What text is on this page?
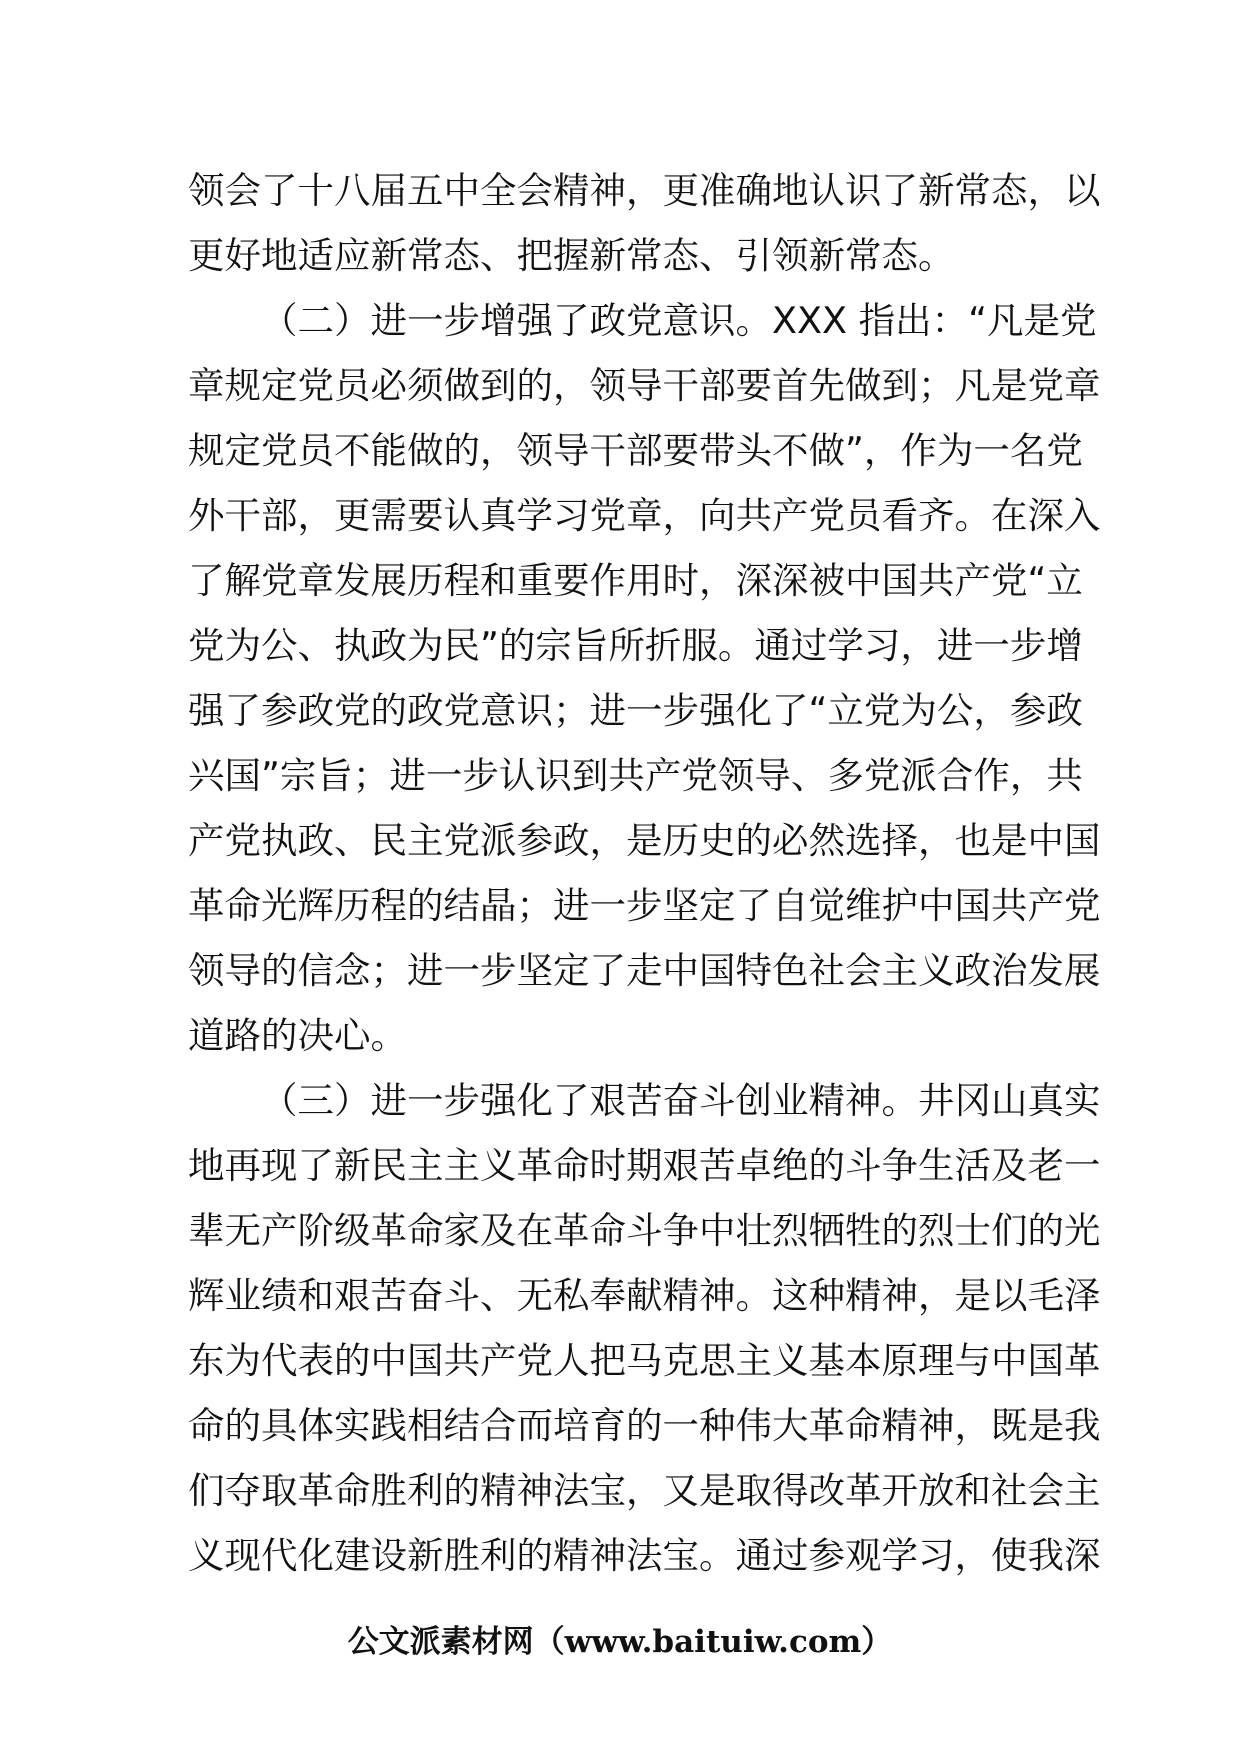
领会了十八届五中全会精神，更准确地认识了新常态，以
更好地适应新常态、把握新常态、引领新常态。
（二）进一步增强了政党意识。XXX 指出：“凡是党
章规定党员必须做到的，领导干部要首先做到；凡是党章
规定党员不能做的，领导干部要带头不做”，作为一名党
外干部，更需要认真学习党章，向共产党员看齐。在深入
了解党章发展历程和重要作用时，深深被中国共产党“立
党为公、执政为民”的宗旨所折服。通过学习，进一步增
强了参政党的政党意识；进一步强化了“立党为公，参政
兴国”宗旨；进一步认识到共产党领导、多党派合作，共
产党执政、民主党派参政，是历史的必然选择，也是中国
革命光辉历程的结晶；进一步坚定了自觉维护中国共产党
领导的信念；进一步坚定了走中国特色社会主义政治发展
道路的决心。
（三）进一步强化了艰苦奋斗创业精神。井冈山真实
地再现了新民主主义革命时期艰苦卓绝的斗争生活及老一
辈无产阶级革命家及在革命斗争中壮烈牺牲的烈士们的光
辉业绩和艰苦奋斗、无私奉献精神。这种精神，是以毛泽
东为代表的中国共产党人把马克思主义基本原理与中国革
命的具体实践相结合而培育的一种伟大革命精神，既是我
们夺取革命胜利的精神法宝，又是取得改革开放和社会主
义现代化建设新胜利的精神法宝。通过参观学习，使我深
公文派素材网（www.baituiw.com）
